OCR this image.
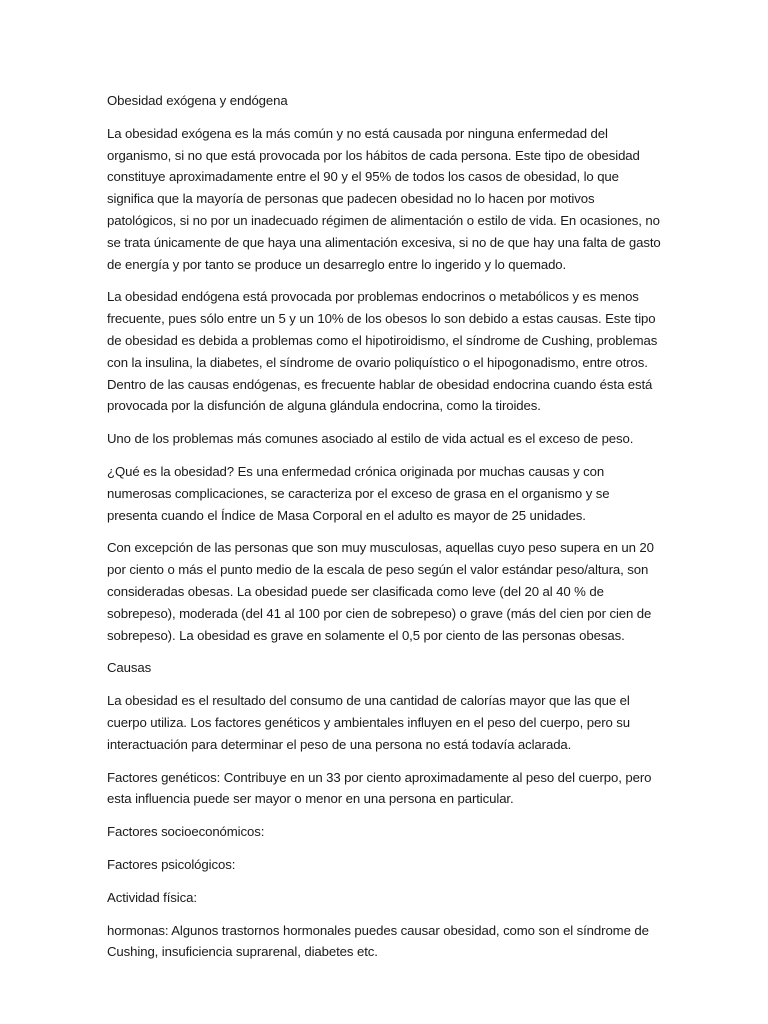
Obesidad exógena y endógena

La obesidad exógena es la más común y no está causada por ninguna enfermedad del organismo, si no que está provocada por los hábitos de cada persona. Este tipo de obesidad constituye aproximadamente entre el 90 y el 95% de todos los casos de obesidad, lo que significa que la mayoría de personas que padecen obesidad no lo hacen por motivos patológicos, si no por un inadecuado régimen de alimentación o estilo de vida. En ocasiones, no se trata únicamente de que haya una alimentación excesiva, si no de que hay una falta de gasto de energía y por tanto se produce un desarreglo entre lo ingerido y lo quemado.

La obesidad endógena está provocada por problemas endocrinos o metabólicos y es menos frecuente, pues sólo entre un 5 y un 10% de los obesos lo son debido a estas causas. Este tipo de obesidad es debida a problemas como el hipotiroidismo, el síndrome de Cushing, problemas con la insulina, la diabetes, el síndrome de ovario poliquístico o el hipogonadismo, entre otros. Dentro de las causas endógenas, es frecuente hablar de obesidad endocrina cuando ésta está provocada por la disfunción de alguna glándula endocrina, como la tiroides.

Uno de los problemas más comunes asociado al estilo de vida actual es el exceso de peso.

¿Qué es la obesidad? Es una enfermedad crónica originada por muchas causas y con numerosas complicaciones, se caracteriza por el exceso de grasa en el organismo y se presenta cuando el Índice de Masa Corporal en el adulto es mayor de 25 unidades.

Con excepción de las personas que son muy musculosas, aquellas cuyo peso supera en un 20 por ciento o más el punto medio de la escala de peso según el valor estándar peso/altura, son consideradas obesas. La obesidad puede ser clasificada como leve (del 20 al 40 % de sobrepeso), moderada (del 41 al 100 por cien de sobrepeso) o grave (más del cien por cien de sobrepeso). La obesidad es grave en solamente el 0,5 por ciento de las personas obesas.

Causas

La obesidad es el resultado del consumo de una cantidad de calorías mayor que las que el cuerpo utiliza. Los factores genéticos y ambientales influyen en el peso del cuerpo, pero su interactuación para determinar el peso de una persona no está todavía aclarada.

Factores genéticos: Contribuye en un 33 por ciento aproximadamente al peso del cuerpo, pero esta influencia puede ser mayor o menor en una persona en particular.

Factores socioeconómicos:

Factores psicológicos:

Actividad física:

hormonas: Algunos trastornos hormonales puedes causar obesidad, como son el síndrome de Cushing, insuficiencia suprarenal, diabetes etc.
